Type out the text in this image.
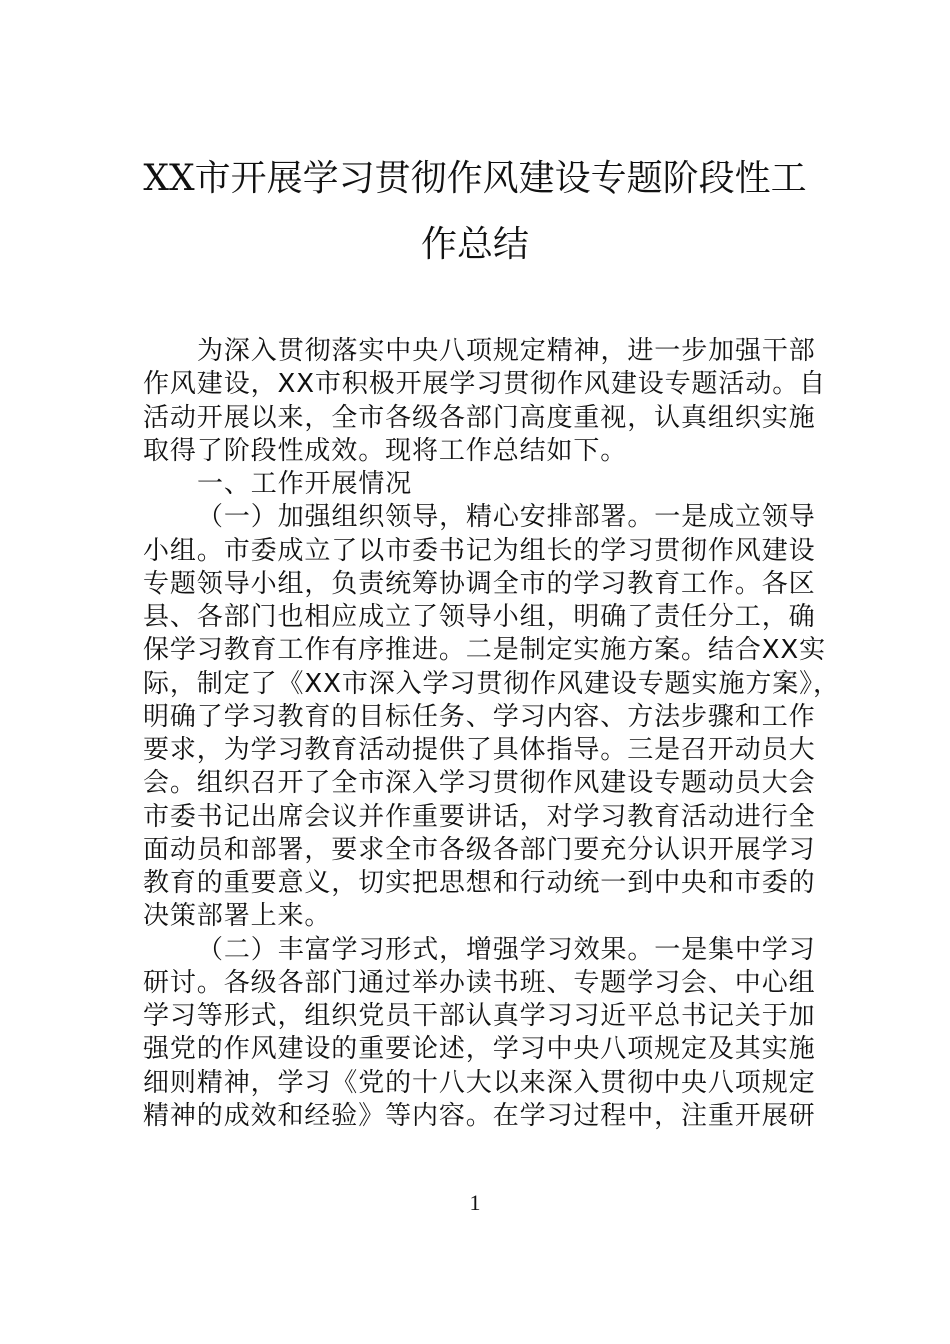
XX市开展学习贯彻作风建设专题阶段性工
作总结
为深入贯彻落实中央八项规定精神，进一步加强干部
作风建设，XX市积极开展学习贯彻作风建设专题活动。自
活动开展以来，全市各级各部门高度重视，认真组织实施
取得了阶段性成效。现将工作总结如下。
一、工作开展情况
（一）加强组织领导，精心安排部署。一是成立领导
小组。市委成立了以市委书记为组长的学习贯彻作风建设
专题领导小组，负责统筹协调全市的学习教育工作。各区
县、各部门也相应成立了领导小组，明确了责任分工，确
保学习教育工作有序推进。二是制定实施方案。结合XX实
际，制定了《XX市深入学习贯彻作风建设专题实施方案》，
明确了学习教育的目标任务、学习内容、方法步骤和工作
要求，为学习教育活动提供了具体指导。三是召开动员大
会。组织召开了全市深入学习贯彻作风建设专题动员大会
市委书记出席会议并作重要讲话，对学习教育活动进行全
面动员和部署，要求全市各级各部门要充分认识开展学习
教育的重要意义，切实把思想和行动统一到中央和市委的
决策部署上来。
（二）丰富学习形式，增强学习效果。一是集中学习
研讨。各级各部门通过举办读书班、专题学习会、中心组
学习等形式，组织党员干部认真学习习近平总书记关于加
强党的作风建设的重要论述，学习中央八项规定及其实施
细则精神，学习《党的十八大以来深入贯彻中央八项规定
精神的成效和经验》等内容。在学习过程中，注重开展研
1
